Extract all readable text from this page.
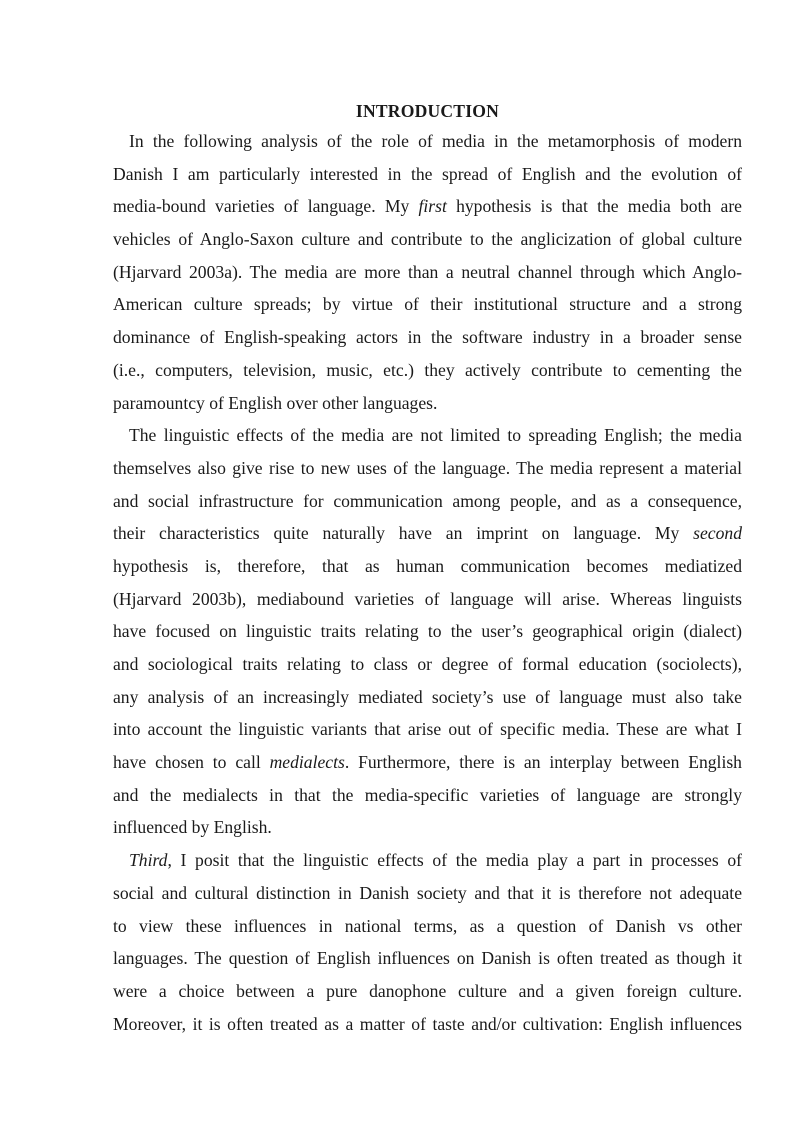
INTRODUCTION
In the following analysis of the role of media in the metamorphosis of modern
Danish I am particularly interested in the spread of English and the evolution of
media-bound varieties of language. My first hypothesis is that the media both are
vehicles of Anglo-Saxon culture and contribute to the anglicization of global culture
(Hjarvard 2003a). The media are more than a neutral channel through which Anglo-
American culture spreads; by virtue of their institutional structure and a strong
dominance of English-speaking actors in the software industry in a broader sense
(i.e., computers, television, music, etc.) they actively contribute to cementing the
paramountcy of English over other languages.
The linguistic effects of the media are not limited to spreading English; the media
themselves also give rise to new uses of the language. The media represent a material
and social infrastructure for communication among people, and as a consequence,
their characteristics quite naturally have an imprint on language. My second
hypothesis is, therefore, that as human communication becomes mediatized
(Hjarvard 2003b), mediabound varieties of language will arise. Whereas linguists
have focused on linguistic traits relating to the user’s geographical origin (dialect)
and sociological traits relating to class or degree of formal education (sociolects),
any analysis of an increasingly mediated society’s use of language must also take
into account the linguistic variants that arise out of specific media. These are what I
have chosen to call medialects. Furthermore, there is an interplay between English
and the medialects in that the media-specific varieties of language are strongly
influenced by English.
Third, I posit that the linguistic effects of the media play a part in processes of
social and cultural distinction in Danish society and that it is therefore not adequate
to view these influences in national terms, as a question of Danish vs other
languages. The question of English influences on Danish is often treated as though it
were a choice between a pure danophone culture and a given foreign culture.
Moreover, it is often treated as a matter of taste and/or cultivation: English influences
